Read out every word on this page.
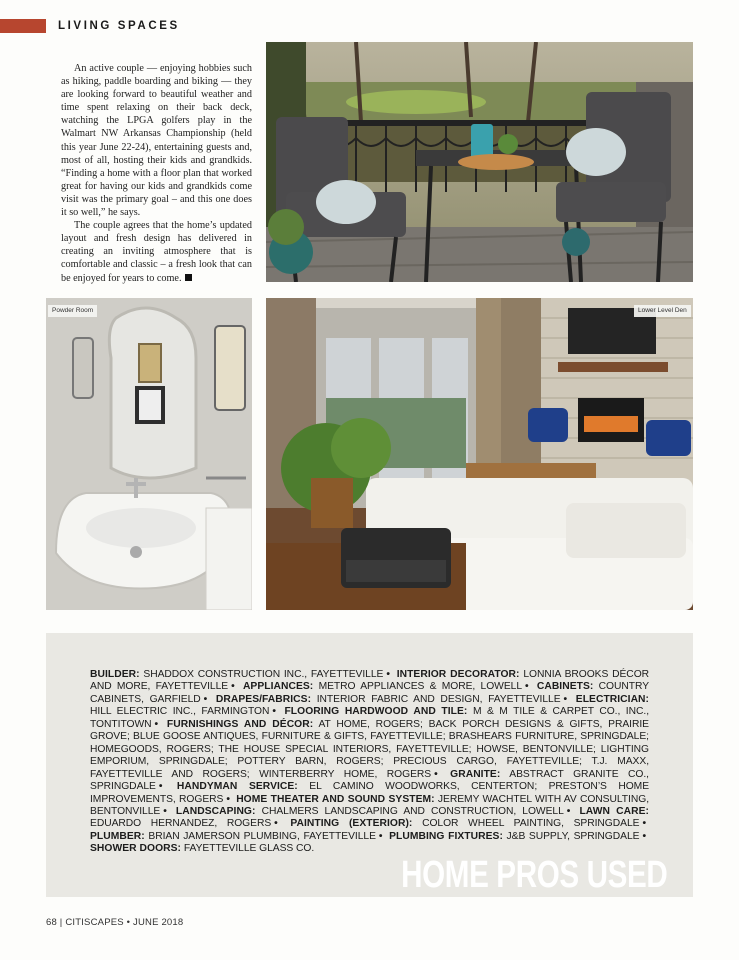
LIVING SPACES

An active couple — enjoying hobbies such as hiking, paddle boarding and biking — they are looking forward to beautiful weather and time spent relaxing on their back deck, watching the LPGA golfers play in the Walmart NW Arkansas Championship (held this year June 22-24), entertaining guests and, most of all, hosting their kids and grandkids. “Finding a home with a floor plan that worked great for having our kids and grandkids come visit was the primary goal – and this one does it so well,” he says.

The couple agrees that the home’s updated layout and fresh design has delivered in creating an inviting atmosphere that is comfortable and classic – a fresh look that can be enjoyed for years to come.

Powder Room	Lower Level Den
BUILDER: SHADDOX CONSTRUCTION INC., FAYETTEVILLE • INTERIOR DECORATOR: LONNIA BROOKS DÉCOR AND MORE, FAYETTEVILLE • APPLIANCES: METRO APPLIANCES & MORE, LOWELL • CABINETS: COUNTRY CABINETS, GARFIELD • DRAPES/FABRICS: INTERIOR FABRIC AND DESIGN, FAYETTEVILLE • ELECTRICIAN: HILL ELECTRIC INC., FARMINGTON • FLOORING HARDWOOD AND TILE: M & M TILE & CARPET CO., INC., TONTITOWN • FURNISHINGS AND DÉCOR: AT HOME, ROGERS; BACK PORCH DESIGNS & GIFTS, PRAIRIE GROVE; BLUE GOOSE ANTIQUES, FURNITURE & GIFTS, FAYETTEVILLE; BRASHEARS FURNITURE, SPRINGDALE; HOMEGOODS, ROGERS; THE HOUSE SPECIAL INTERIORS, FAYETTEVILLE; HOWSE, BENTONVILLE; LIGHTING EMPORIUM, SPRINGDALE; POTTERY BARN, ROGERS; PRECIOUS CARGO, FAYETTEVILLE; T.J. MAXX, FAYETTEVILLE AND ROGERS; WINTERBERRY HOME, ROGERS • GRANITE: ABSTRACT GRANITE CO., SPRINGDALE • HANDYMAN SERVICE: EL CAMINO WOODWORKS, CENTERTON; PRESTON’S HOME IMPROVEMENTS, ROGERS • HOME THEATER AND SOUND SYSTEM: JEREMY WACHTEL WITH AV CONSULTING, BENTONVILLE • LANDSCAPING: CHALMERS LANDSCAPING AND CONSTRUCTION, LOWELL • LAWN CARE: EDUARDO HERNANDEZ, ROGERS • PAINTING (EXTERIOR): COLOR WHEEL PAINTING, SPRINGDALE • PLUMBER: BRIAN JAMERSON PLUMBING, FAYETTEVILLE • PLUMBING FIXTURES: J&B SUPPLY, SPRINGDALE • SHOWER DOORS: FAYETTEVILLE GLASS CO.
HOME PROS USED
68 | CITISCAPES • JUNE 2018
